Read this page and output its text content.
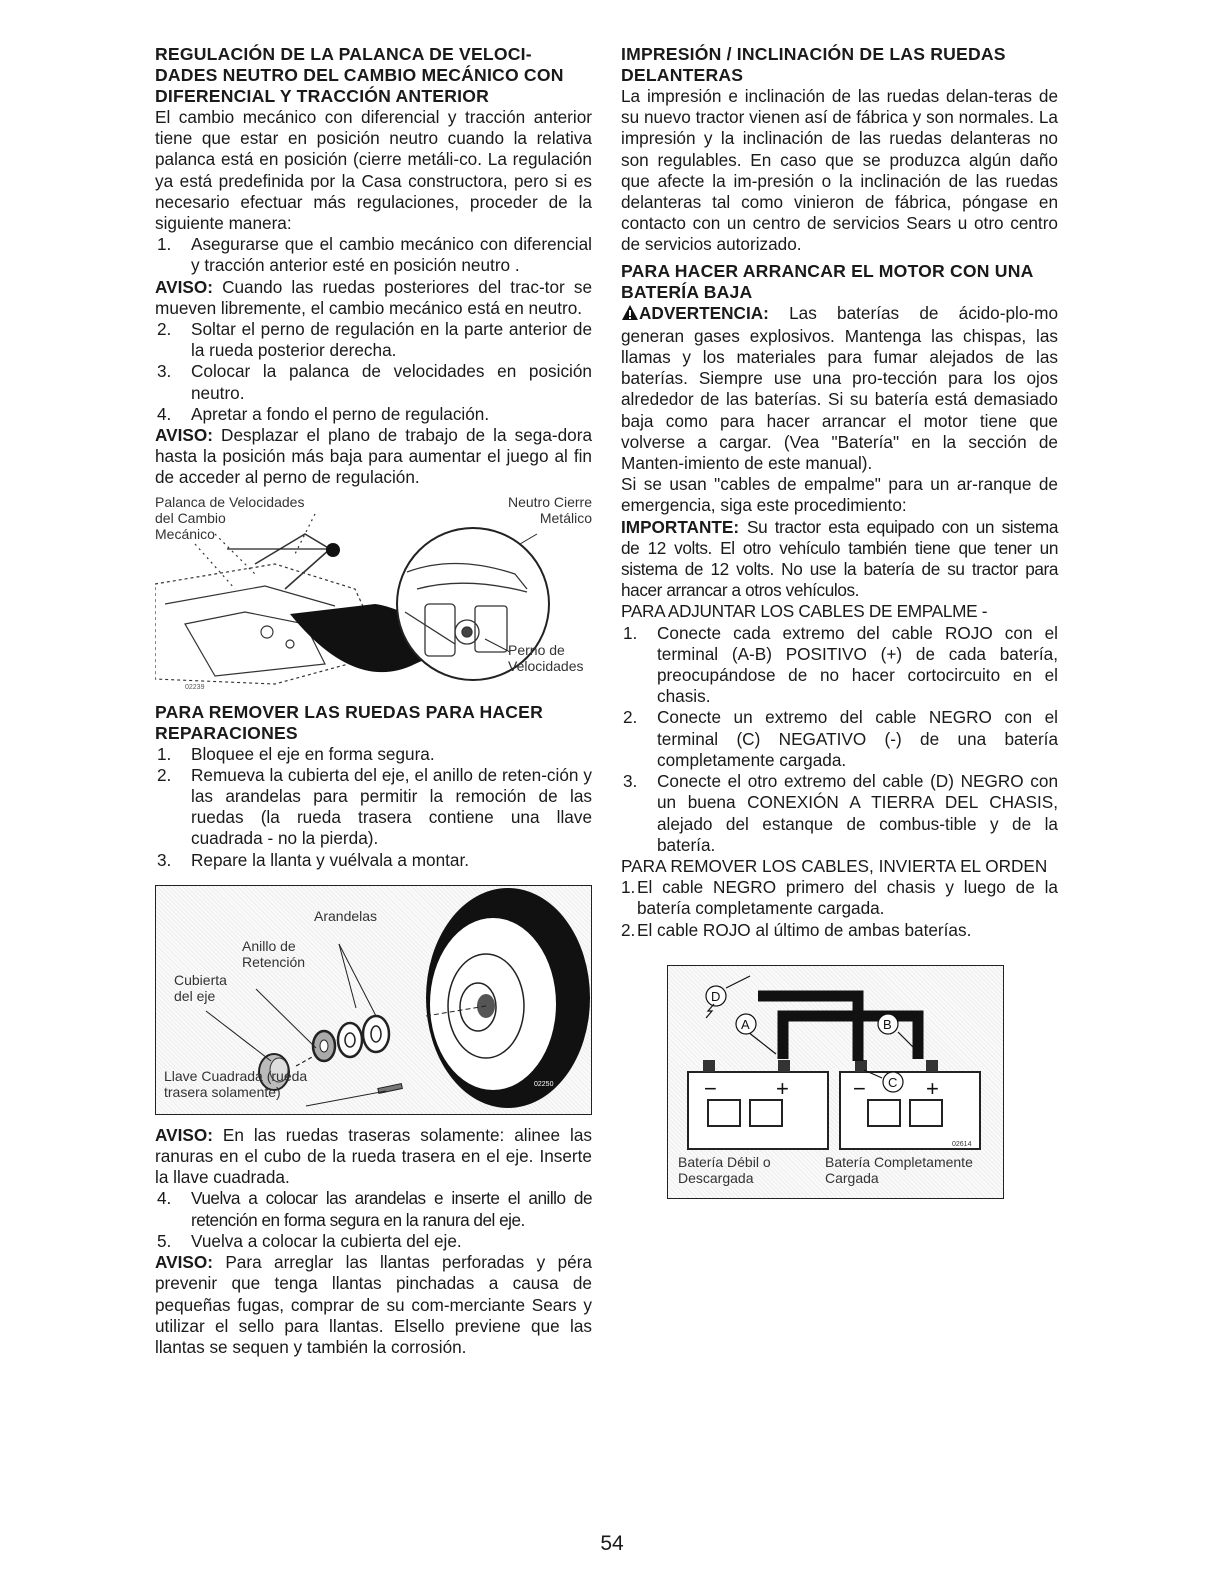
REGULACIÓN DE LA PALANCA DE VELOCI-DADES NEUTRO DEL CAMBIO MECÁNICO CON DIFERENCIAL Y TRACCIÓN ANTERIOR

El cambio mecánico con diferencial y tracción anterior tiene que estar en posición neutro cuando la relativa palanca está en posición (cierre metáli-co. La regulación ya está predefinida por la Casa constructora, pero si es necesario efectuar más regulaciones, proceder de la siguiente manera:

1. Asegurarse que el cambio mecánico con diferencial y tracción anterior esté en posición neutro .

AVISO: Cuando las ruedas posteriores del trac-tor se mueven libremente, el cambio mecánico está en neutro.

2. Soltar el perno de regulación en la parte anterior de la rueda posterior derecha.
3. Colocar la palanca de velocidades en posición neutro.
4. Apretar a fondo el perno de regulación.

AVISO: Desplazar el plano de trabajo de la sega-dora hasta la posición más baja para aumentar el juego al fin de acceder al perno de regulación.

02239
Palanca de Velocidades
del Cambio
Mecánico
Neutro Cierre
Metálico
Perno de
Velocidades
PARA REMOVER LAS RUEDAS PARA HACER REPARACIONES
1. Bloquee el eje en forma segura.
2. Remueva la cubierta del eje, el anillo de reten-ción y las arandelas para permitir la remoción de las ruedas (la rueda trasera contiene una llave cuadrada - no la pierda).
3. Repare la llanta y vuélvala a montar.
02250
Arandelas
Anillo de
Retención
Cubierta
del eje
Llave Cuadrada (rueda
trasera solamente)

AVISO: En las ruedas traseras solamente: alinee las ranuras en el cubo de la rueda trasera en el eje. Inserte la llave cuadrada.

4. Vuelva a colocar las arandelas e inserte el anillo de retención en forma segura en la ranura del eje.
5. Vuelva a colocar la cubierta del eje.

AVISO: Para arreglar las llantas perforadas y péra prevenir que tenga llantas pinchadas a causa de pequeñas fugas, comprar de su com-merciante Sears y utilizar el sello para llantas. Elsello previene que las llantas se sequen y también la corrosión.

IMPRESIÓN / INCLINACIÓN DE LAS RUEDAS DELANTERAS

La impresión e inclinación de las ruedas delan-teras de su nuevo tractor vienen así de fábrica y son normales. La impresión y la inclinación de las ruedas delanteras no son regulables. En caso que se produzca algún daño que afecte la im-presión o la inclinación de las ruedas delanteras tal como vinieron de fábrica, póngase en contacto con un centro de servicios Sears u otro centro de servicios autorizado.

PARA HACER ARRANCAR EL MOTOR CON UNA BATERÍA BAJA

ADVERTENCIA: Las baterías de ácido-plo-mo generan gases explosivos. Mantenga las chispas, las llamas y los materiales para fumar alejados de las baterías. Siempre use una pro-tección para los ojos alrededor de las baterías. Si su batería está demasiado baja como para hacer arrancar el motor tiene que volverse a cargar. (Vea "Batería" en la sección de Manten-imiento de este manual).

Si se usan "cables de empalme" para un ar-ranque de emergencia, siga este procedimiento:

IMPORTANTE: Su tractor esta equipado con un sistema de 12 volts. El otro vehículo también tiene que tener un sistema de 12 volts. No use la batería de su tractor para hacer arrancar a otros vehículos.

PARA ADJUNTAR LOS CABLES DE EMPALME -

1. Conecte cada extremo del cable ROJO con el terminal (A-B) POSITIVO (+) de cada batería, preocupándose de no hacer cortocircuito en el chasis.
2. Conecte un extremo del cable NEGRO con el terminal (C) NEGATIVO (-) de una batería completamente cargada.
3. Conecte el otro extremo del cable (D) NEGRO con un buena CONEXIÓN A TIERRA DEL CHASIS, alejado del estanque de combus-tible y de la batería.

PARA REMOVER LOS CABLES, INVIERTA EL ORDEN

1. El cable NEGRO primero del chasis y luego de la batería completamente cargada.
2. El cable ROJO al último de ambas baterías.
−	+	−	+
D
A	B
C
02614
Batería Débil o
Descargada
Batería Completamente
Cargada
54
